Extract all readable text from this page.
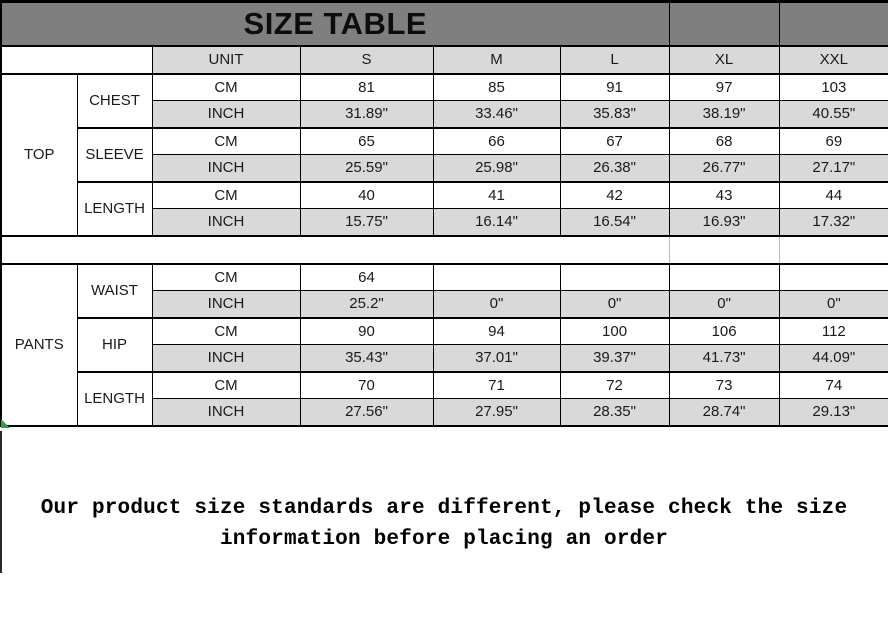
SIZE TABLE							
		UNIT	S	M	L	XL	XXL
TOP	CHEST	CM	81	85	91	97	103
		INCH	31.89"	33.46"	35.83"	38.19"	40.55"
	SLEEVE	CM	65	66	67	68	69
		INCH	25.59"	25.98"	26.38"	26.77"	27.17"
	LENGTH	CM	40	41	42	43	44
		INCH	15.75"	16.14"	16.54"	16.93"	17.32"

PANTS	WAIST	CM	64				
		INCH	25.2"	0"	0"	0"	0"
	HIP	CM	90	94	100	106	112
		INCH	35.43"	37.01"	39.37"	41.73"	44.09"
	LENGTH	CM	70	71	72	73	74
		INCH	27.56"	27.95"	28.35"	28.74"	29.13"
Our product size standards are different, please check the size
information before placing an order
